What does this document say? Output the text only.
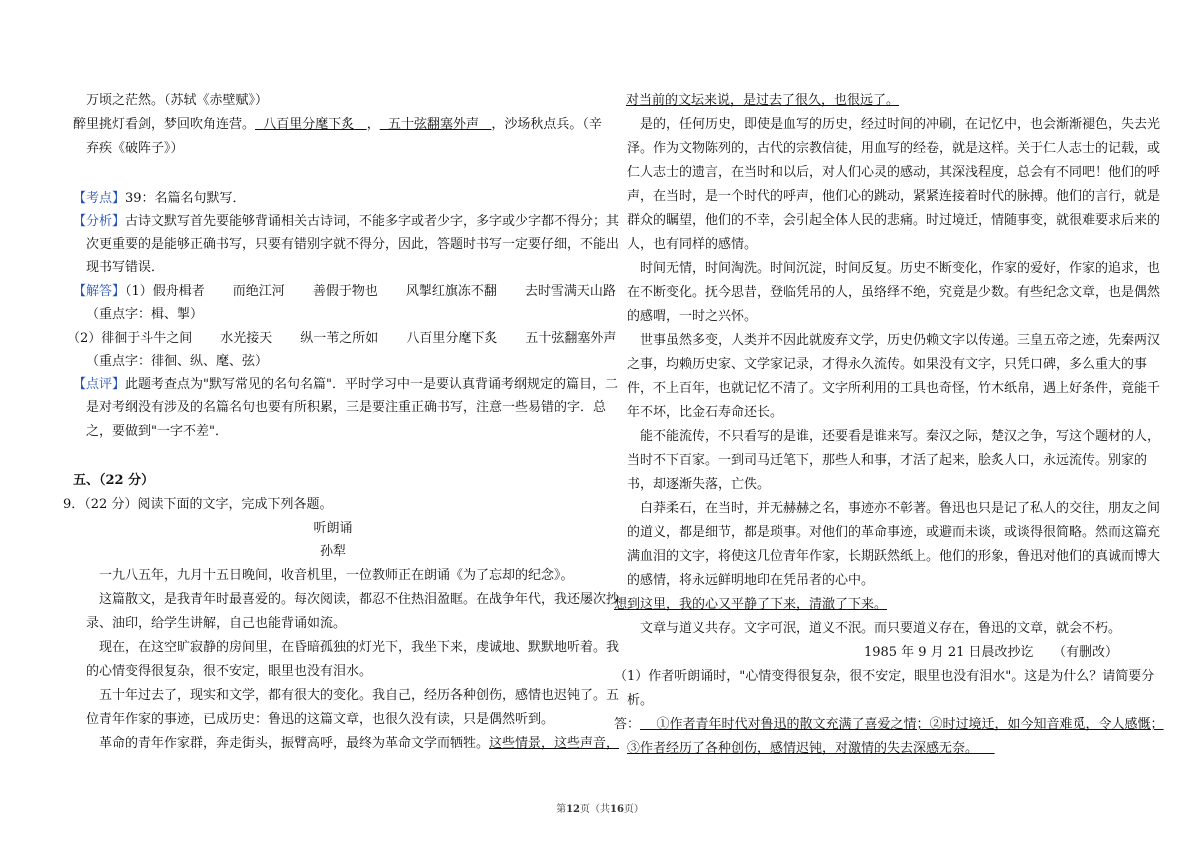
万顷之茫然。（苏轼《赤壁赋》）
醉里挑灯看剑，梦回吹角连营。 八百里分麾下炙 ， 五十弦翻塞外声 ，沙场秋点兵。（辛
弃疾《破阵子》）
【考点】39：名篇名句默写．
【分析】古诗文默写首先要能够背诵相关古诗词，不能多字或者少字，多字或少字都不得分；其
次更重要的是能够正确书写，只要有错别字就不得分，因此，答题时书写一定要仔细，不能出
现书写错误．
【解答】（1）假舟楫者 而绝江河 善假于物也 风掣红旗冻不翻 去时雪满天山路
（重点字：楫、掣）
（2）徘徊于斗牛之间 水光接天 纵一苇之所如 八百里分麾下炙 五十弦翻塞外声
（重点字：徘徊、纵、麾、弦）
【点评】此题考查点为"默写常见的名句名篇"．平时学习中一是要认真背诵考纲规定的篇目，二
是对考纲没有涉及的名篇名句也要有所积累，三是要注重正确书写，注意一些易错的字．总
之，要做到"一字不差"．
五、（22 分）
9．（22 分）阅读下面的文字，完成下列各题。
听朗诵
孙犁
一九八五年，九月十五日晚间，收音机里，一位教师正在朗诵《为了忘却的纪念》。
这篇散文，是我青年时最喜爱的。每次阅读，都忍不住热泪盈眶。在战争年代，我还屡次抄
录、油印，给学生讲解，自己也能背诵如流。
现在，在这空旷寂静的房间里，在昏暗孤独的灯光下，我坐下来，虔诚地、默默地听着。我
的心情变得很复杂，很不安定，眼里也没有泪水。
五十年过去了，现实和文学，都有很大的变化。我自己，经历各种创伤，感情也迟钝了。五
位青年作家的事迹，已成历史：鲁迅的这篇文章，也很久没有读，只是偶然听到。
革命的青年作家群，奔走街头，振臂高呼，最终为革命文学而牺牲。这些情景，这些声音，
对当前的文坛来说，是过去了很久，也很远了。
是的，任何历史，即使是血写的历史，经过时间的冲刷，在记忆中，也会渐渐褪色，失去光
泽。作为文物陈列的，古代的宗教信徒，用血写的经卷，就是这样。关于仁人志士的记载，或
仁人志士的遗言，在当时和以后，对人们心灵的感动，其深浅程度，总会有不同吧！他们的呼
声，在当时，是一个时代的呼声，他们心的跳动，紧紧连接着时代的脉搏。他们的言行，就是
群众的瞩望，他们的不幸，会引起全体人民的悲痛。时过境迁，情随事变，就很难要求后来的
人，也有同样的感情。
时间无情，时间淘洗。时间沉淀，时间反复。历史不断变化，作家的爱好，作家的追求，也
在不断变化。抚今思昔，登临凭吊的人，虽络绎不绝，究竟是少数。有些纪念文章，也是偶然
的感喟，一时之兴怀。
世事虽然多变，人类并不因此就废弃文学，历史仍赖文字以传递。三皇五帝之迹，先秦两汉
之事，均赖历史家、文学家记录，才得永久流传。如果没有文字，只凭口碑，多么重大的事
件，不上百年，也就记忆不清了。文字所利用的工具也奇怪，竹木纸帛，遇上好条件，竟能千
年不坏，比金石寿命还长。
能不能流传，不只看写的是谁，还要看是谁来写。秦汉之际，楚汉之争，写这个题材的人，
当时不下百家。一到司马迁笔下，那些人和事，才活了起来，脍炙人口，永远流传。别家的
书，却逐渐失落，亡佚。
白莽柔石，在当时，并无赫赫之名，事迹亦不彰著。鲁迅也只是记了私人的交往，朋友之间
的道义，都是细节，都是琐事。对他们的革命事迹，或避而未谈，或谈得很简略。然而这篇充
满血泪的文字，将使这几位青年作家，长期跃然纸上。他们的形象，鲁迅对他们的真诚而博大
的感情，将永远鲜明地印在凭吊者的心中。
想到这里，我的心又平静了下来，清澈了下来。
文章与道义共存。文字可泯，道义不泯。而只要道义存在，鲁迅的文章，就会不朽。
1985 年 9 月 21 日晨改抄讫　　（有删改）
（1）作者听朗诵时，"心情变得很复杂，很不安定，眼里也没有泪水"。这是为什么？请简要分
析。
答： ①作者青年时代对鲁迅的散文充满了喜爱之情；②时过境迁，如今知音难觅，令人感慨；
③作者经历了各种创伤，感情迟钝，对激情的失去深感无奈。
第12页（共16页）
